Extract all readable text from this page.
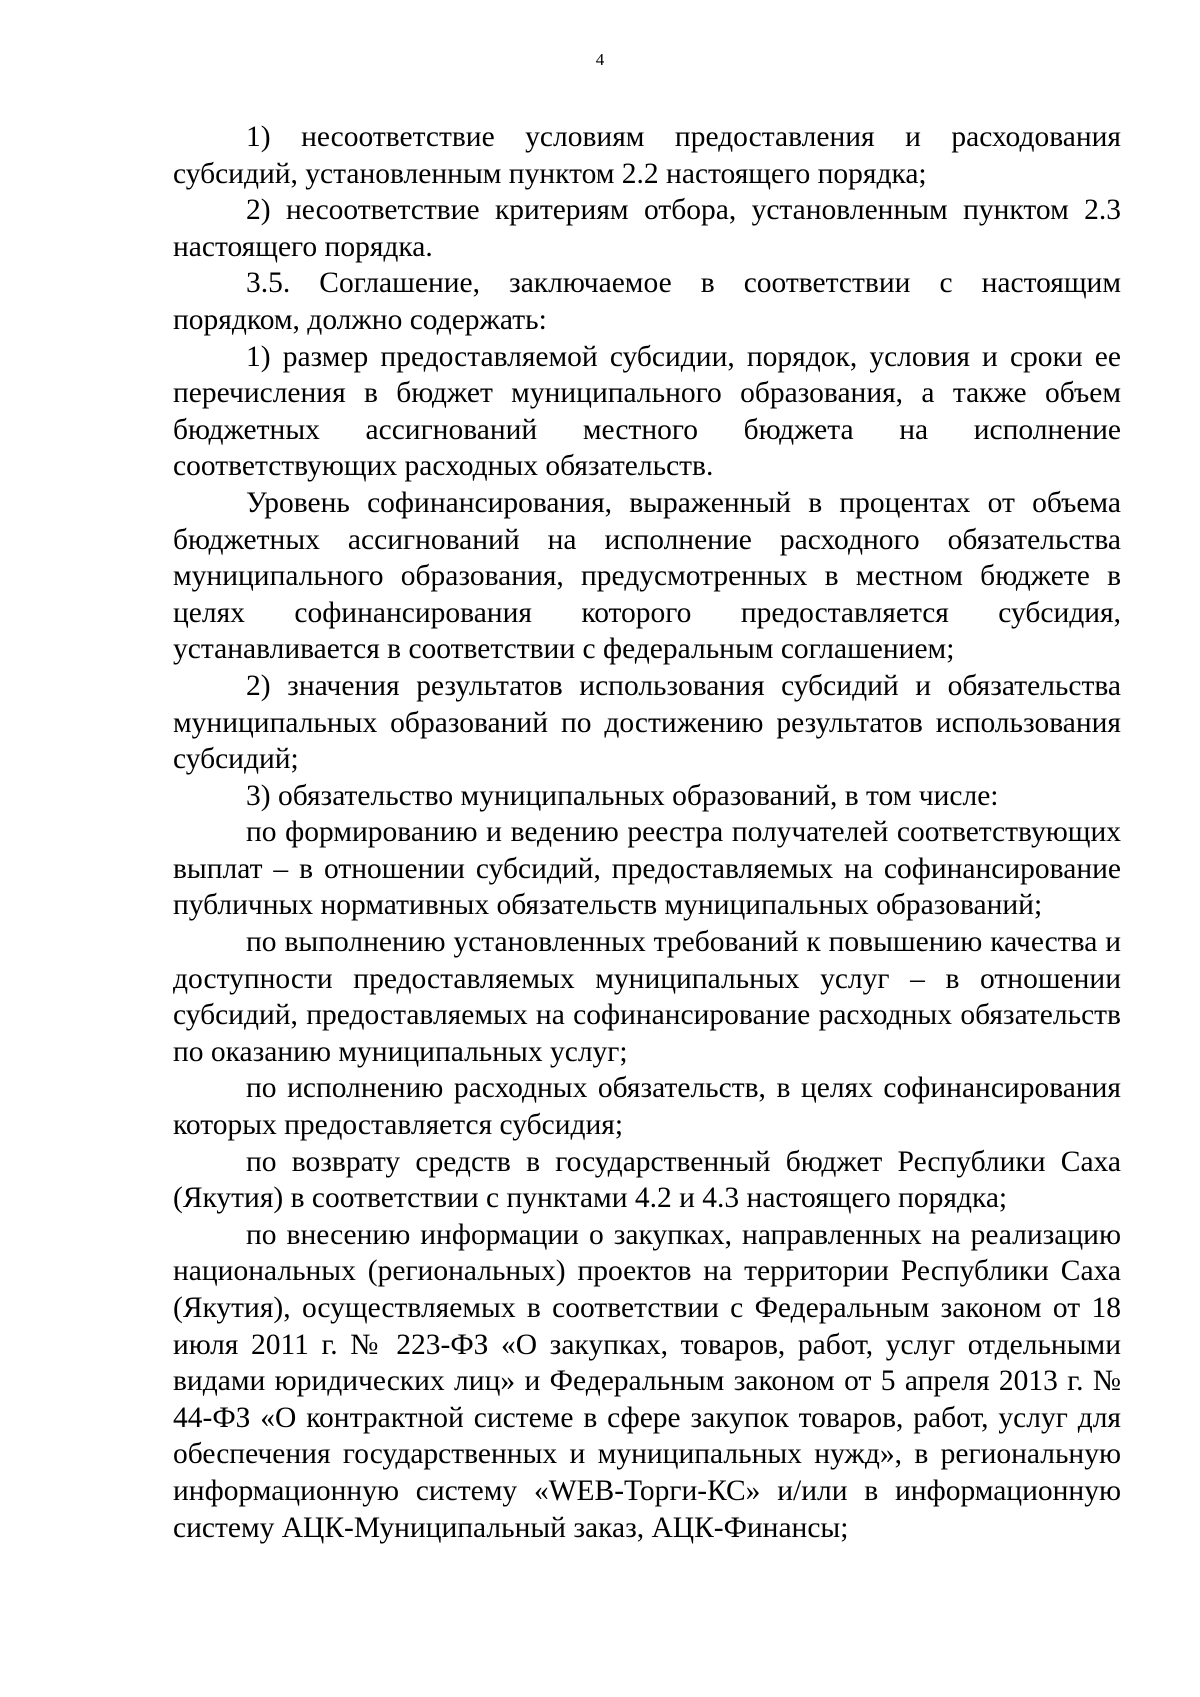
4

1) несоответствие условиям предоставления и расходования субсидий, установленным пунктом 2.2 настоящего порядка;

2) несоответствие критериям отбора, установленным пунктом 2.3 настоящего порядка.

3.5. Соглашение, заключаемое в соответствии с настоящим порядком, должно содержать:

1) размер предоставляемой субсидии, порядок, условия и сроки ее перечисления в бюджет муниципального образования, а также объем бюджетных ассигнований местного бюджета на исполнение соответствующих расходных обязательств.

Уровень софинансирования, выраженный в процентах от объема бюджетных ассигнований на исполнение расходного обязательства муниципального образования, предусмотренных в местном бюджете в целях софинансирования которого предоставляется субсидия, устанавливается в соответствии с федеральным соглашением;

2) значения результатов использования субсидий и обязательства муниципальных образований по достижению результатов использования субсидий;

3) обязательство муниципальных образований, в том числе:

по формированию и ведению реестра получателей соответствующих выплат – в отношении субсидий, предоставляемых на софинансирование публичных нормативных обязательств муниципальных образований;

по выполнению установленных требований к повышению качества и доступности предоставляемых муниципальных услуг – в отношении субсидий, предоставляемых на софинансирование расходных обязательств по оказанию муниципальных услуг;

по исполнению расходных обязательств, в целях софинансирования которых предоставляется субсидия;

по возврату средств в государственный бюджет Республики Саха (Якутия) в соответствии с пунктами 4.2 и 4.3 настоящего порядка;

по внесению информации о закупках, направленных на реализацию национальных (региональных) проектов на территории Республики Саха (Якутия), осуществляемых в соответствии с Федеральным законом от 18 июля 2011 г. № 223-ФЗ «О закупках, товаров, работ, услуг отдельными видами юридических лиц» и Федеральным законом от 5 апреля 2013 г. № 44-ФЗ «О контрактной системе в сфере закупок товаров, работ, услуг для обеспечения государственных и муниципальных нужд», в региональную информационную систему «WEB-Торги-КС» и/или в информационную систему АЦК-Муниципальный заказ, АЦК-Финансы;
